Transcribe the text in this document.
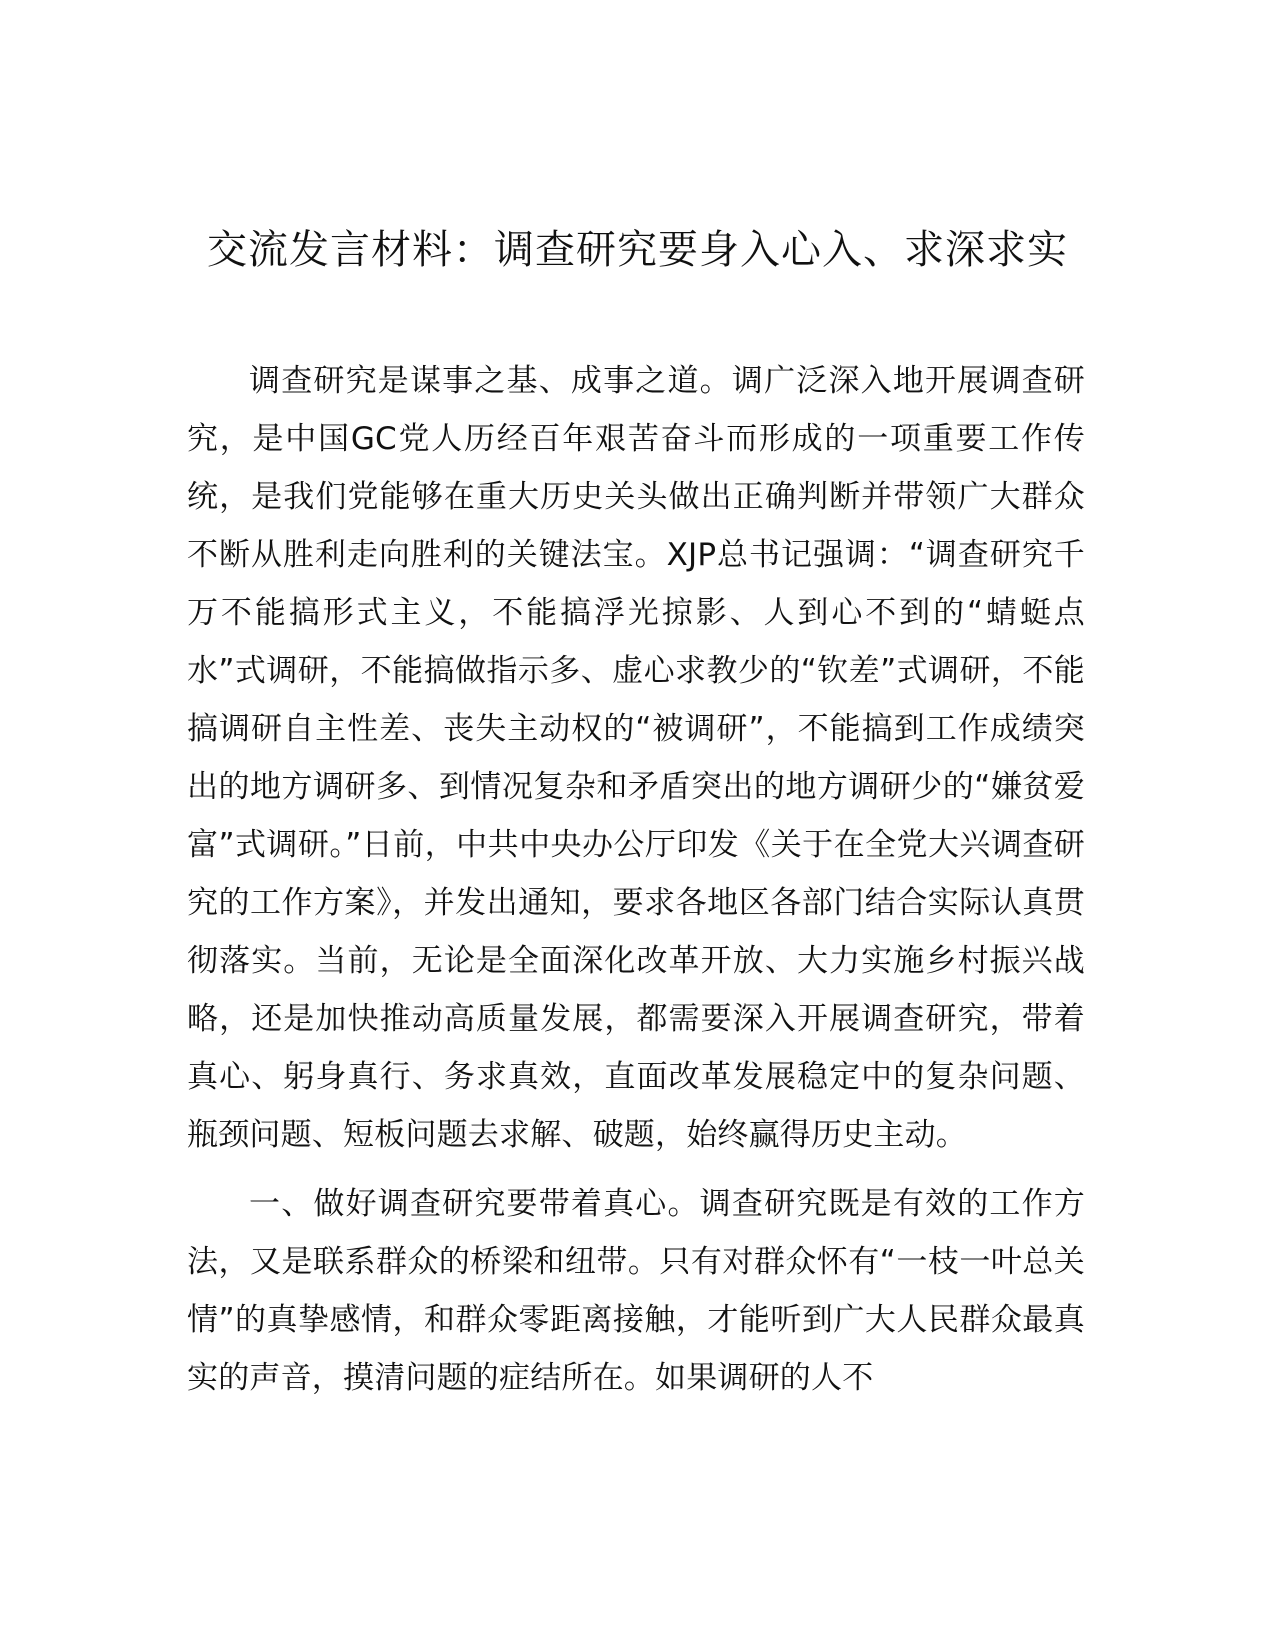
交流发言材料：调查研究要身入心入、求深求实

调查研究是谋事之基、成事之道。调广泛深入地开展调查研究，是中国GC党人历经百年艰苦奋斗而形成的一项重要工作传统，是我们党能够在重大历史关头做出正确判断并带领广大群众不断从胜利走向胜利的关键法宝。XJP总书记强调：“调查研究千万不能搞形式主义，不能搞浮光掠影、人到心不到的“蜻蜓点水”式调研，不能搞做指示多、虚心求教少的“钦差”式调研，不能搞调研自主性差、丧失主动权的“被调研”，不能搞到工作成绩突出的地方调研多、到情况复杂和矛盾突出的地方调研少的“嫌贫爱富”式调研。”日前，中共中央办公厅印发《关于在全党大兴调查研究的工作方案》，并发出通知，要求各地区各部门结合实际认真贯彻落实。当前，无论是全面深化改革开放、大力实施乡村振兴战略，还是加快推动高质量发展，都需要深入开展调查研究，带着真心、躬身真行、务求真效，直面改革发展稳定中的复杂问题、瓶颈问题、短板问题去求解、破题，始终赢得历史主动。

一、做好调查研究要带着真心。调查研究既是有效的工作方法，又是联系群众的桥梁和纽带。只有对群众怀有“一枝一叶总关情”的真挚感情，和群众零距离接触，才能听到广大人民群众最真实的声音，摸清问题的症结所在。如果调研的人不
